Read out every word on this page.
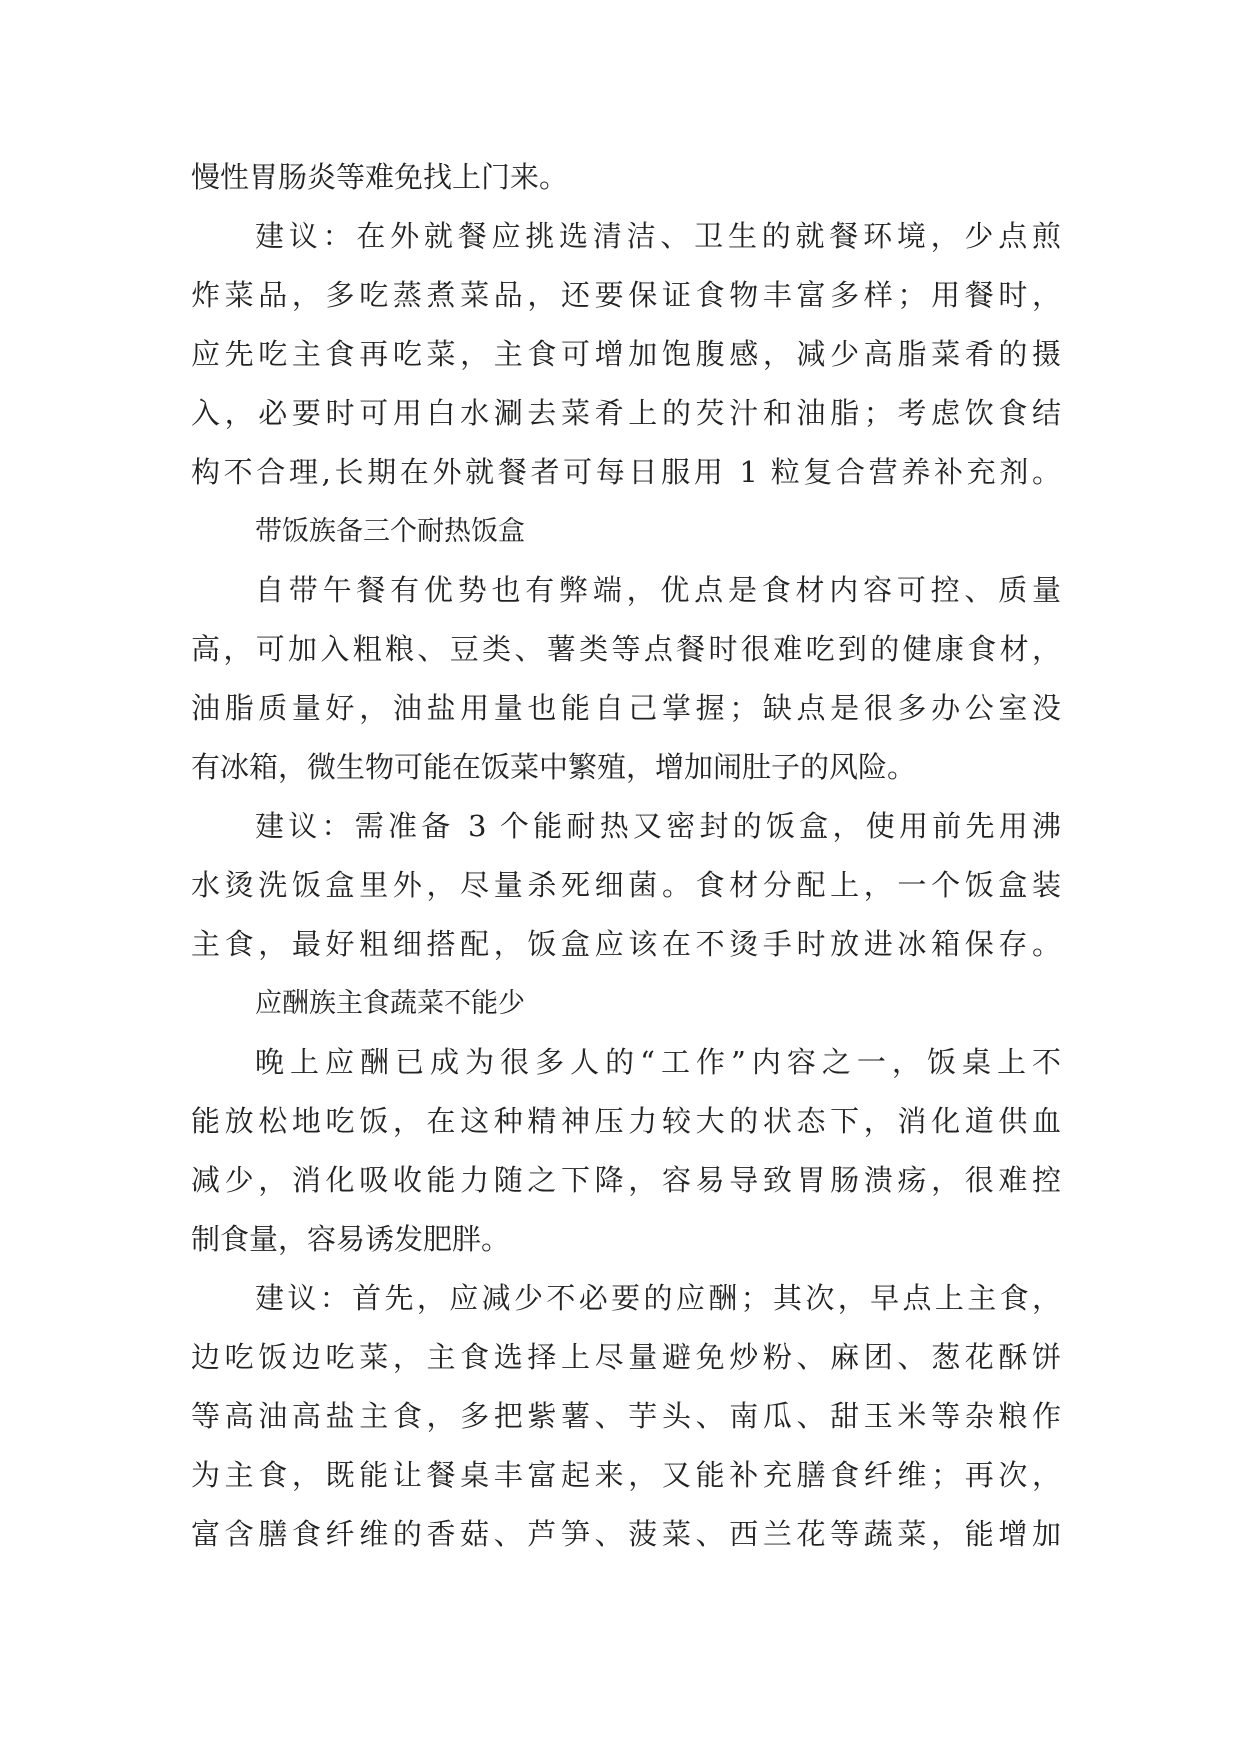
慢性胃肠炎等难免找上门来。
建议：在外就餐应挑选清洁、卫生的就餐环境，少点煎
炸菜品，多吃蒸煮菜品，还要保证食物丰富多样；用餐时，
应先吃主食再吃菜，主食可增加饱腹感，减少高脂菜肴的摄
入，必要时可用白水涮去菜肴上的芡汁和油脂；考虑饮食结
构不合理,长期在外就餐者可每日服用 1 粒复合营养补充剂。
带饭族备三个耐热饭盒
自带午餐有优势也有弊端，优点是食材内容可控、质量
高，可加入粗粮、豆类、薯类等点餐时很难吃到的健康食材，
油脂质量好，油盐用量也能自己掌握；缺点是很多办公室没
有冰箱，微生物可能在饭菜中繁殖，增加闹肚子的风险。
建议：需准备 3 个能耐热又密封的饭盒，使用前先用沸
水烫洗饭盒里外，尽量杀死细菌。食材分配上，一个饭盒装
主食，最好粗细搭配，饭盒应该在不烫手时放进冰箱保存。
应酬族主食蔬菜不能少
晚上应酬已成为很多人的“工作”内容之一，饭桌上不
能放松地吃饭，在这种精神压力较大的状态下，消化道供血
减少，消化吸收能力随之下降，容易导致胃肠溃疡，很难控
制食量，容易诱发肥胖。
建议：首先，应减少不必要的应酬；其次，早点上主食，
边吃饭边吃菜，主食选择上尽量避免炒粉、麻团、葱花酥饼
等高油高盐主食，多把紫薯、芋头、南瓜、甜玉米等杂粮作
为主食，既能让餐桌丰富起来，又能补充膳食纤维；再次，
富含膳食纤维的香菇、芦笋、菠菜、西兰花等蔬菜，能增加
